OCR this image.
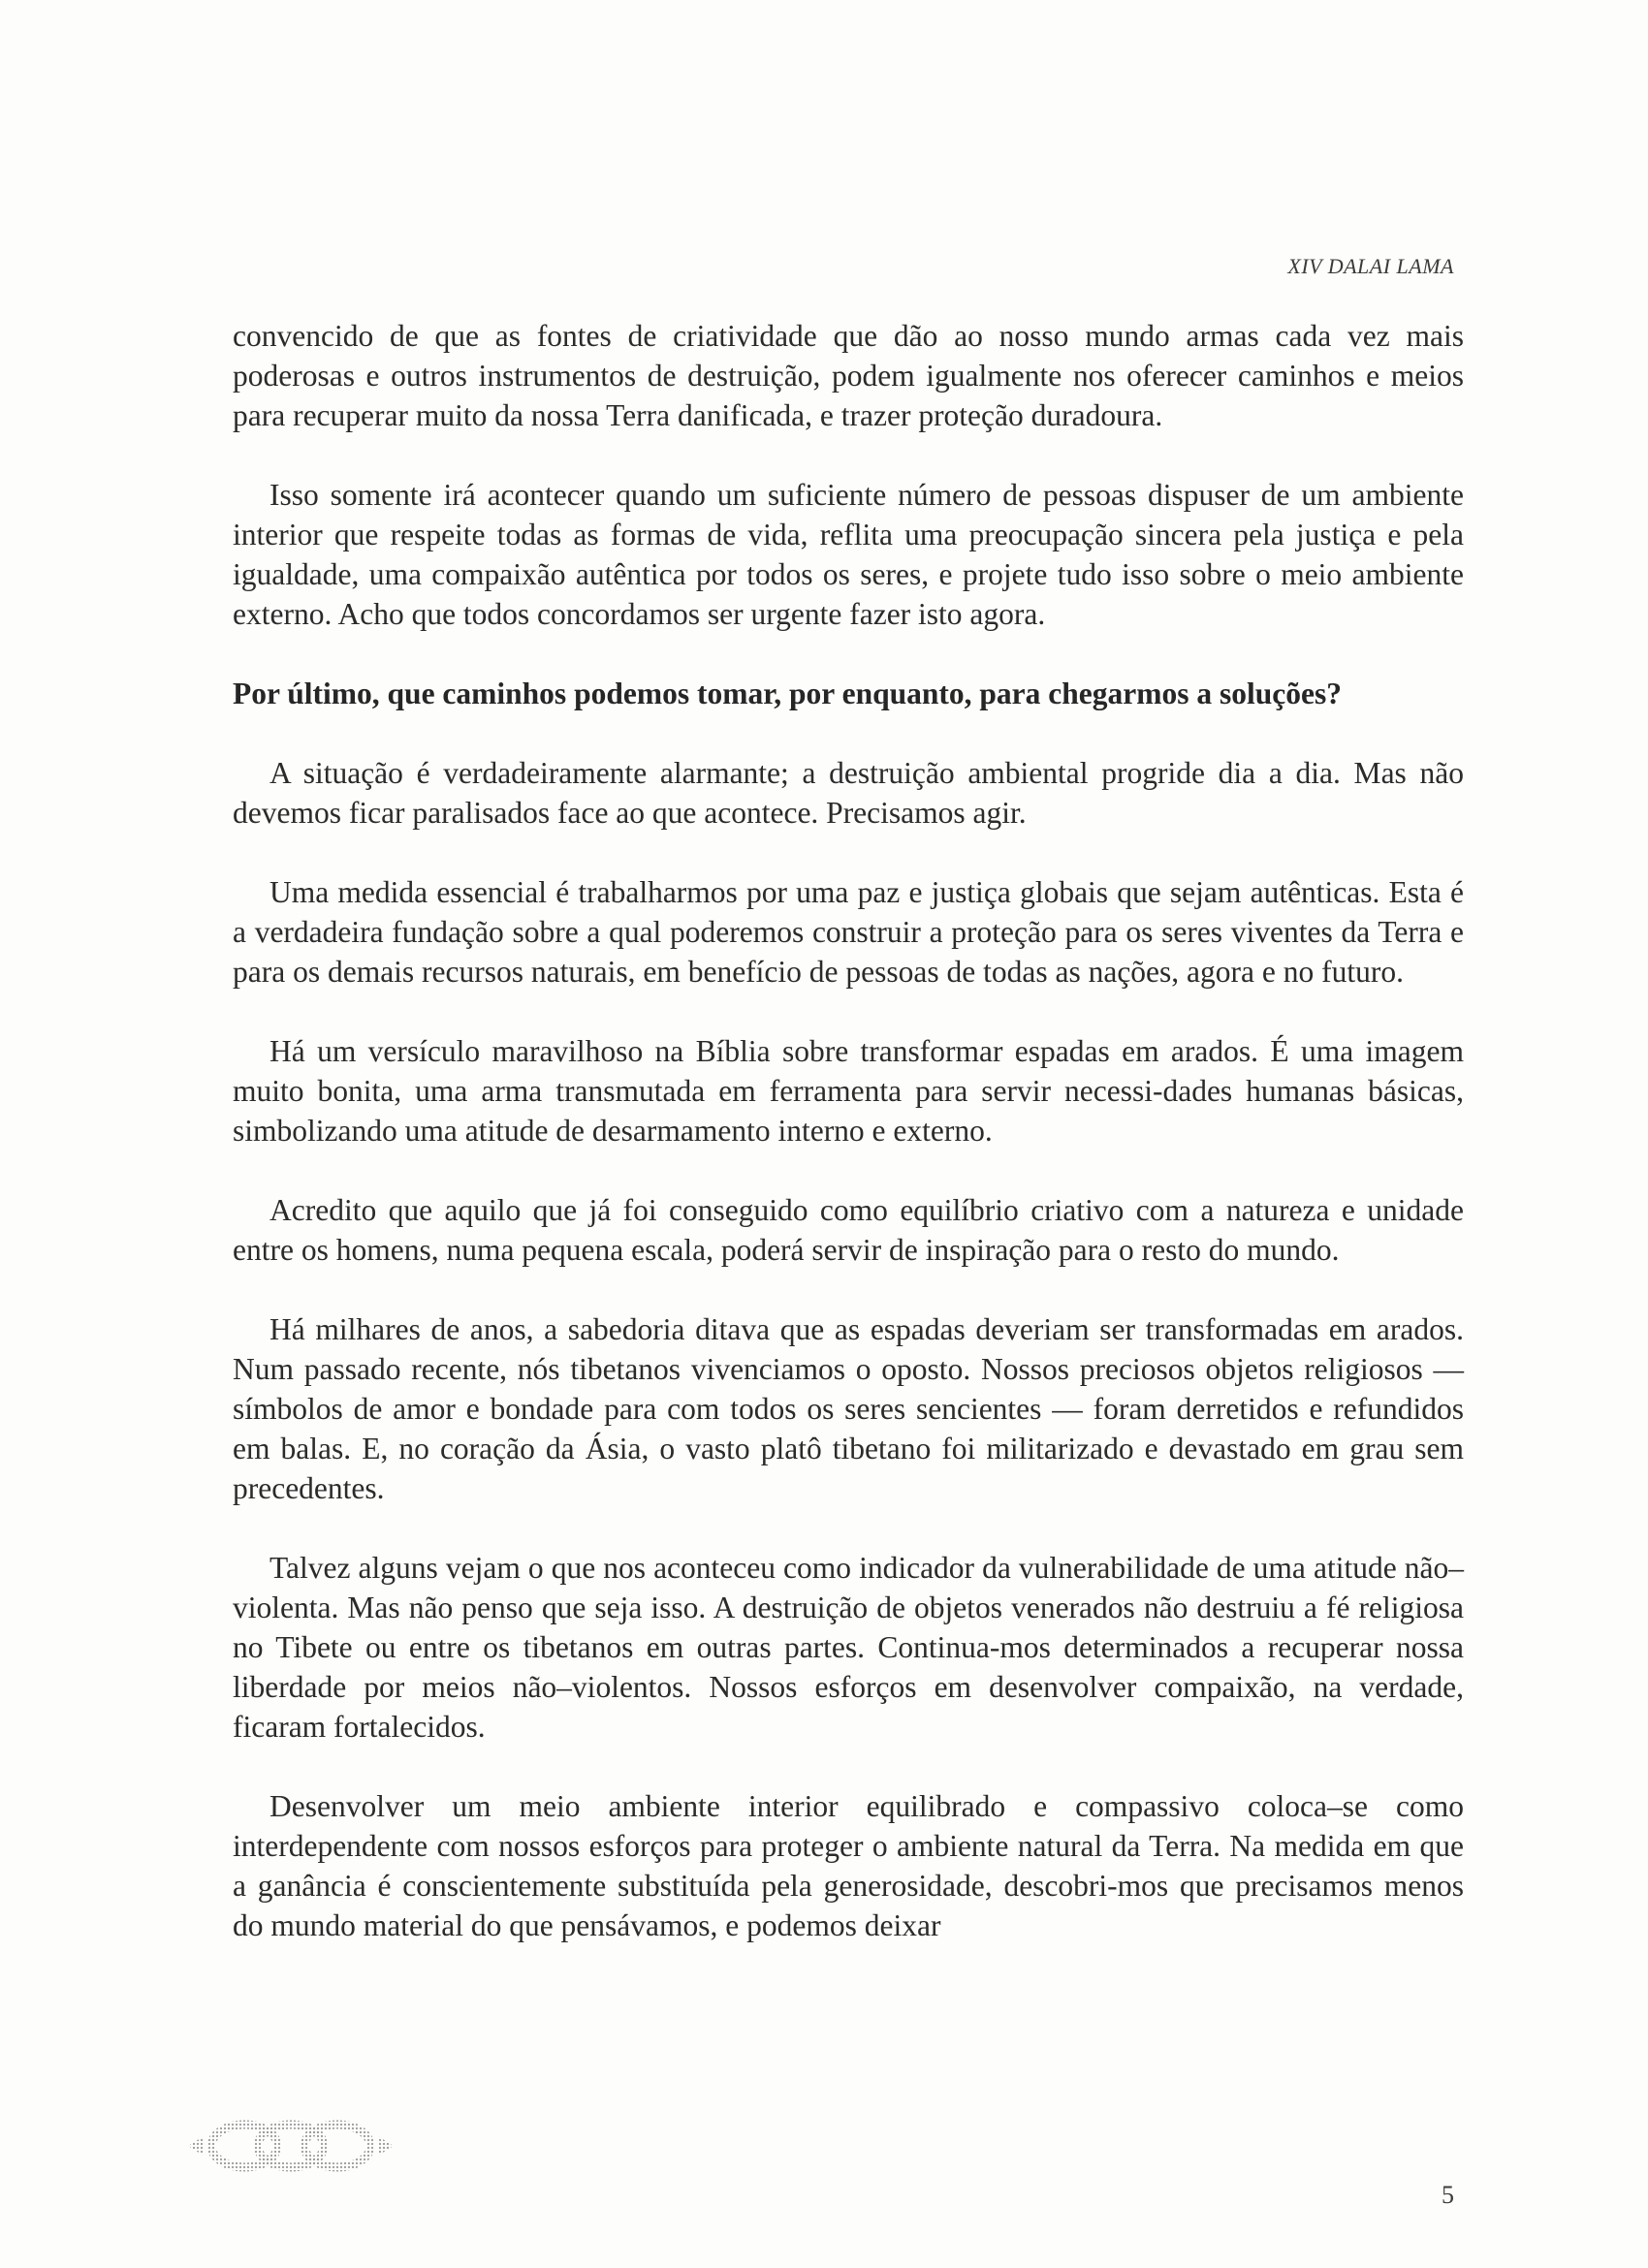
XIV DALAI LAMA

convencido de que as fontes de criatividade que dão ao nosso mundo armas cada vez mais poderosas e outros instrumentos de destruição, podem igualmente nos oferecer caminhos e meios para recuperar muito da nossa Terra danificada, e trazer proteção duradoura.

Isso somente irá acontecer quando um suficiente número de pessoas dispuser de um ambiente interior que respeite todas as formas de vida, reflita uma preocupação sincera pela justiça e pela igualdade, uma compaixão autêntica por todos os seres, e projete tudo isso sobre o meio ambiente externo. Acho que todos concordamos ser urgente fazer isto agora.

Por último, que caminhos podemos tomar, por enquanto, para chegarmos a soluções?

A situação é verdadeiramente alarmante; a destruição ambiental progride dia a dia. Mas não devemos ficar paralisados face ao que acontece. Precisamos agir.

Uma medida essencial é trabalharmos por uma paz e justiça globais que sejam autênticas. Esta é a verdadeira fundação sobre a qual poderemos construir a proteção para os seres viventes da Terra e para os demais recursos naturais, em benefício de pessoas de todas as nações, agora e no futuro.

Há um versículo maravilhoso na Bíblia sobre transformar espadas em arados. É uma imagem muito bonita, uma arma transmutada em ferramenta para servir necessi-dades humanas básicas, simbolizando uma atitude de desarmamento interno e externo.

Acredito que aquilo que já foi conseguido como equilíbrio criativo com a natureza e unidade entre os homens, numa pequena escala, poderá servir de inspiração para o resto do mundo.

Há milhares de anos, a sabedoria ditava que as espadas deveriam ser transformadas em arados. Num passado recente, nós tibetanos vivenciamos o oposto. Nossos preciosos objetos religiosos — símbolos de amor e bondade para com todos os seres sencientes — foram derretidos e refundidos em balas. E, no coração da Ásia, o vasto platô tibetano foi militarizado e devastado em grau sem precedentes.

Talvez alguns vejam o que nos aconteceu como indicador da vulnerabilidade de uma atitude não–violenta. Mas não penso que seja isso. A destruição de objetos venerados não destruiu a fé religiosa no Tibete ou entre os tibetanos em outras partes. Continua-mos determinados a recuperar nossa liberdade por meios não–violentos. Nossos esforços em desenvolver compaixão, na verdade, ficaram fortalecidos.

Desenvolver um meio ambiente interior equilibrado e compassivo coloca–se como interdependente com nossos esforços para proteger o ambiente natural da Terra. Na medida em que a ganância é conscientemente substituída pela generosidade, descobri-mos que precisamos menos do mundo material do que pensávamos, e podemos deixar

5
